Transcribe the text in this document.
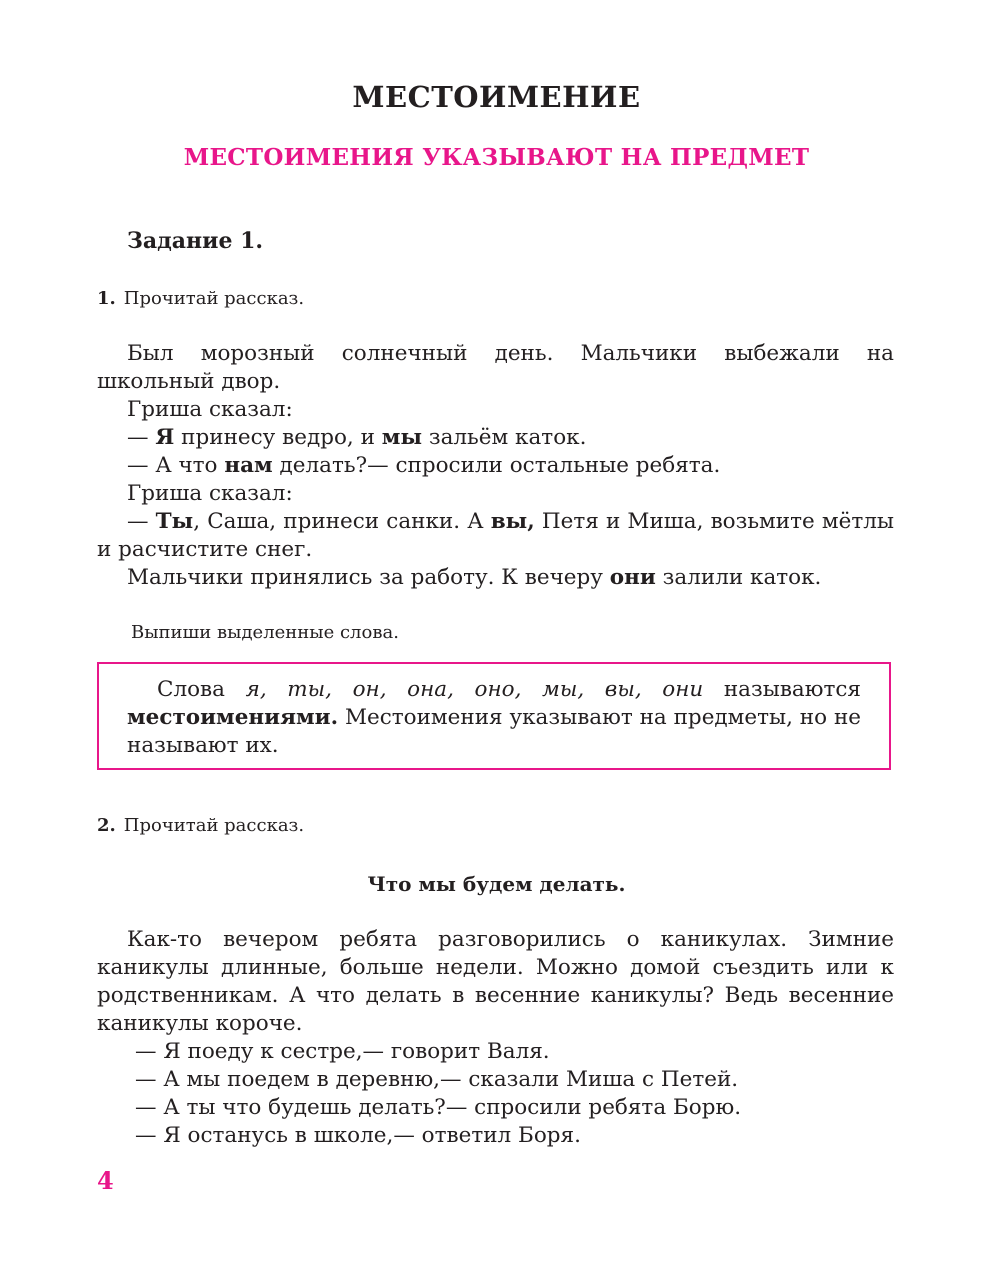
МЕСТОИМЕНИЕ
МЕСТОИМЕНИЯ УКАЗЫВАЮТ НА ПРЕДМЕТ
Задание 1.
1. Прочитай рассказ.

Был морозный солнечный день. Мальчики выбежали на школьный двор.

Гриша сказал:

— Я принесу ведро, и мы зальём каток.

— А что нам делать?— спросили остальные ребята.

Гриша сказал:

— Ты, Саша, принеси санки. А вы, Петя и Миша, возьмите мётлы и расчистите снег.

Мальчики принялись за работу. К вечеру они залили каток.

Выпиши выделенные слова.
Слова я, ты, он, она, оно, мы, вы, они называются местоимениями. Местоимения указывают на предметы, но не называют их.
2. Прочитай рассказ.
Что мы будем делать.

Как-то вечером ребята разговорились о каникулах. Зимние каникулы длинные, больше недели. Можно домой съездить или к родственникам. А что делать в весенние каникулы? Ведь весенние каникулы короче.

— Я поеду к сестре,— говорит Валя.

— А мы поедем в деревню,— сказали Миша с Петей.

— А ты что будешь делать?— спросили ребята Борю.

— Я останусь в школе,— ответил Боря.

4
